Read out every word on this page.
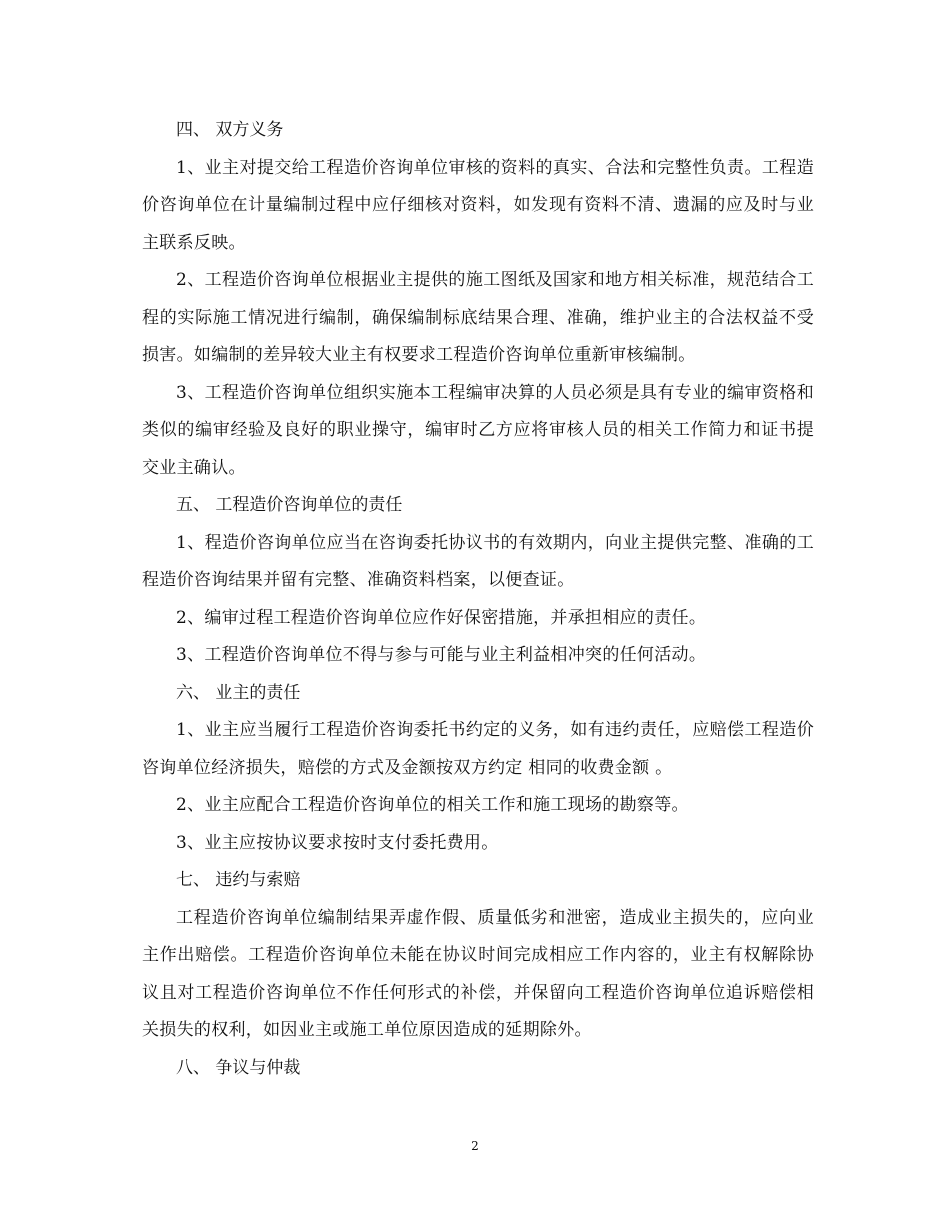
四、 双方义务

1、业主对提交给工程造价咨询单位审核的资料的真实、合法和完整性负责。工程造价咨询单位在计量编制过程中应仔细核对资料，如发现有资料不清、遗漏的应及时与业主联系反映。

2、工程造价咨询单位根据业主提供的施工图纸及国家和地方相关标准，规范结合工程的实际施工情况进行编制，确保编制标底结果合理、准确，维护业主的合法权益不受损害。如编制的差异较大业主有权要求工程造价咨询单位重新审核编制。

3、工程造价咨询单位组织实施本工程编审决算的人员必须是具有专业的编审资格和类似的编审经验及良好的职业操守，编审时乙方应将审核人员的相关工作简力和证书提交业主确认。

五、 工程造价咨询单位的责任

1、程造价咨询单位应当在咨询委托协议书的有效期内，向业主提供完整、准确的工程造价咨询结果并留有完整、准确资料档案，以便查证。

2、编审过程工程造价咨询单位应作好保密措施，并承担相应的责任。

3、工程造价咨询单位不得与参与可能与业主利益相冲突的任何活动。

六、 业主的责任

1、业主应当履行工程造价咨询委托书约定的义务，如有违约责任，应赔偿工程造价咨询单位经济损失，赔偿的方式及金额按双方约定 相同的收费金额 。

2、业主应配合工程造价咨询单位的相关工作和施工现场的勘察等。

3、业主应按协议要求按时支付委托费用。

七、 违约与索赔

工程造价咨询单位编制结果弄虚作假、质量低劣和泄密，造成业主损失的，应向业主作出赔偿。工程造价咨询单位未能在协议时间完成相应工作内容的，业主有权解除协议且对工程造价咨询单位不作任何形式的补偿，并保留向工程造价咨询单位追诉赔偿相关损失的权利，如因业主或施工单位原因造成的延期除外。

八、 争议与仲裁

2
